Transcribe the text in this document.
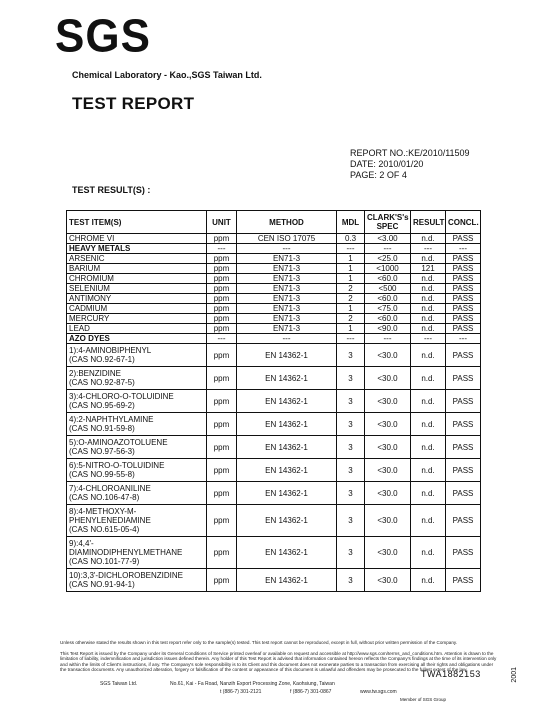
SGS
Chemical Laboratory - Kao.,SGS Taiwan Ltd.
TEST REPORT
REPORT NO.:KE/2010/11509
DATE: 2010/01/20
PAGE: 2 OF 4
TEST RESULT(S) :
TEST ITEM(S)	UNIT	METHOD	MDL	CLARK'S's SPEC	RESULT	CONCL.
CHROME VI	ppm	CEN ISO 17075	0.3	<3.00	n.d.	PASS
HEAVY METALS	---	---	---	---	---	---
ARSENIC	ppm	EN71-3	1	<25.0	n.d.	PASS
BARIUM	ppm	EN71-3	1	<1000	121	PASS
CHROMIUM	ppm	EN71-3	1	<60.0	n.d.	PASS
SELENIUM	ppm	EN71-3	2	<500	n.d.	PASS
ANTIMONY	ppm	EN71-3	2	<60.0	n.d.	PASS
CADMIUM	ppm	EN71-3	1	<75.0	n.d.	PASS
MERCURY	ppm	EN71-3	2	<60.0	n.d.	PASS
LEAD	ppm	EN71-3	1	<90.0	n.d.	PASS
AZO DYES	---	---	---	---	---	---

1):4-AMINOBIPHENYL
(CAS NO.92-67-1)	ppm	EN 14362-1	3	<30.0	n.d.	PASS

2):BENZIDINE
(CAS NO.92-87-5)	ppm	EN 14362-1	3	<30.0	n.d.	PASS

3):4-CHLORO-O-TOLUIDINE
(CAS NO.95-69-2)	ppm	EN 14362-1	3	<30.0	n.d.	PASS

4):2-NAPHTHYLAMINE
(CAS NO.91-59-8)	ppm	EN 14362-1	3	<30.0	n.d.	PASS

5):O-AMINOAZOTOLUENE
(CAS NO.97-56-3)	ppm	EN 14362-1	3	<30.0	n.d.	PASS

6):5-NITRO-O-TOLUIDINE
(CAS NO.99-55-8)	ppm	EN 14362-1	3	<30.0	n.d.	PASS

7):4-CHLOROANILINE
(CAS NO.106-47-8)	ppm	EN 14362-1	3	<30.0	n.d.	PASS

8):4-METHOXY-M-
PHENYLENEDIAMINE
(CAS NO.615-05-4)	ppm	EN 14362-1	3	<30.0	n.d.	PASS

9):4,4'-
DIAMINODIPHENYLMETHANE
(CAS NO.101-77-9)	ppm	EN 14362-1	3	<30.0	n.d.	PASS

10):3,3'-DICHLOROBENZIDINE
(CAS NO.91-94-1)	ppm	EN 14362-1	3	<30.0	n.d.	PASS
Unless otherwise stated the results shown in this test report refer only to the sample(s) tested. This test report cannot be reproduced, except in full, without prior written permission of the Company.
This Test Report is issued by the Company under its General Conditions of Service printed overleaf or available on request and accessible at http://www.sgs.com/terms_and_conditions.htm. Attention is drawn to the limitation of liability, indemnification and jurisdiction issues defined therein. Any holder of this Test Report is advised that information contained hereon reflects the Company's findings at the time of its intervention only and within the limits of Client's instructions, if any. The Company's sole responsibility is to its Client and this document does not exonerate parties to a transaction from exercising all their rights and obligations under the transaction documents. Any unauthorized alteration, forgery or falsification of the content or appearance of this document is unlawful and offenders may be prosecuted to the fullest extent of the law.
SGS Taiwan Ltd.	No.61, Kai - Fa Road, Nanzih Export Processing Zone, Kaohsiung, Taiwan
t (886-7) 301-2121	f (886-7) 301-0867	www.tw.sgs.com
TWA1882153
Member of SGS Group
2001
